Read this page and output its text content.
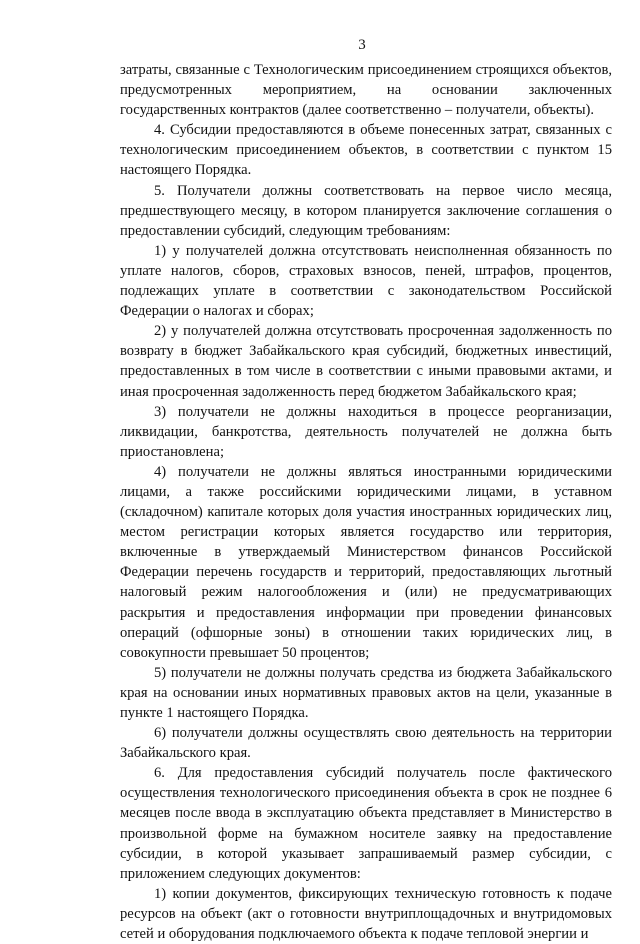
3

затраты, связанные с Технологическим присоединением строящихся объектов, предусмотренных мероприятием, на основании заключенных государственных контрактов (далее соответственно – получатели, объекты).

4. Субсидии предоставляются в объеме понесенных затрат, связанных с технологическим присоединением объектов, в соответствии с пунктом 15 настоящего Порядка.

5. Получатели должны соответствовать на первое число месяца, предшествующего месяцу, в котором планируется заключение соглашения о предоставлении субсидий, следующим требованиям:

1) у получателей должна отсутствовать неисполненная обязанность по уплате налогов, сборов, страховых взносов, пеней, штрафов, процентов, подлежащих уплате в соответствии с законодательством Российской Федерации о налогах и сборах;

2) у получателей должна отсутствовать просроченная задолженность по возврату в бюджет Забайкальского края субсидий, бюджетных инвестиций, предоставленных в том числе в соответствии с иными правовыми актами, и иная просроченная задолженность перед бюджетом Забайкальского края;

3) получатели не должны находиться в процессе реорганизации, ликвидации, банкротства, деятельность получателей не должна быть приостановлена;

4) получатели не должны являться иностранными юридическими лицами, а также российскими юридическими лицами, в уставном (складочном) капитале которых доля участия иностранных юридических лиц, местом регистрации которых является государство или территория, включенные в утверждаемый Министерством финансов Российской Федерации перечень государств и территорий, предоставляющих льготный налоговый режим налогообложения и (или) не предусматривающих раскрытия и предоставления информации при проведении финансовых операций (офшорные зоны) в отношении таких юридических лиц, в совокупности превышает 50 процентов;

5) получатели не должны получать средства из бюджета Забайкальского края на основании иных нормативных правовых актов на цели, указанные в пункте 1 настоящего Порядка.

6) получатели должны осуществлять свою деятельность на территории Забайкальского края.

6. Для предоставления субсидий получатель после фактического осуществления технологического присоединения объекта в срок не позднее 6 месяцев после ввода в эксплуатацию объекта представляет в Министерство в произвольной форме на бумажном носителе заявку на предоставление субсидии, в которой указывает запрашиваемый размер субсидии, с приложением следующих документов:

1) копии документов, фиксирующих техническую готовность к подаче ресурсов на объект (акт о готовности внутриплощадочных и внутридомовых сетей и оборудования подключаемого объекта к подаче тепловой энергии и
